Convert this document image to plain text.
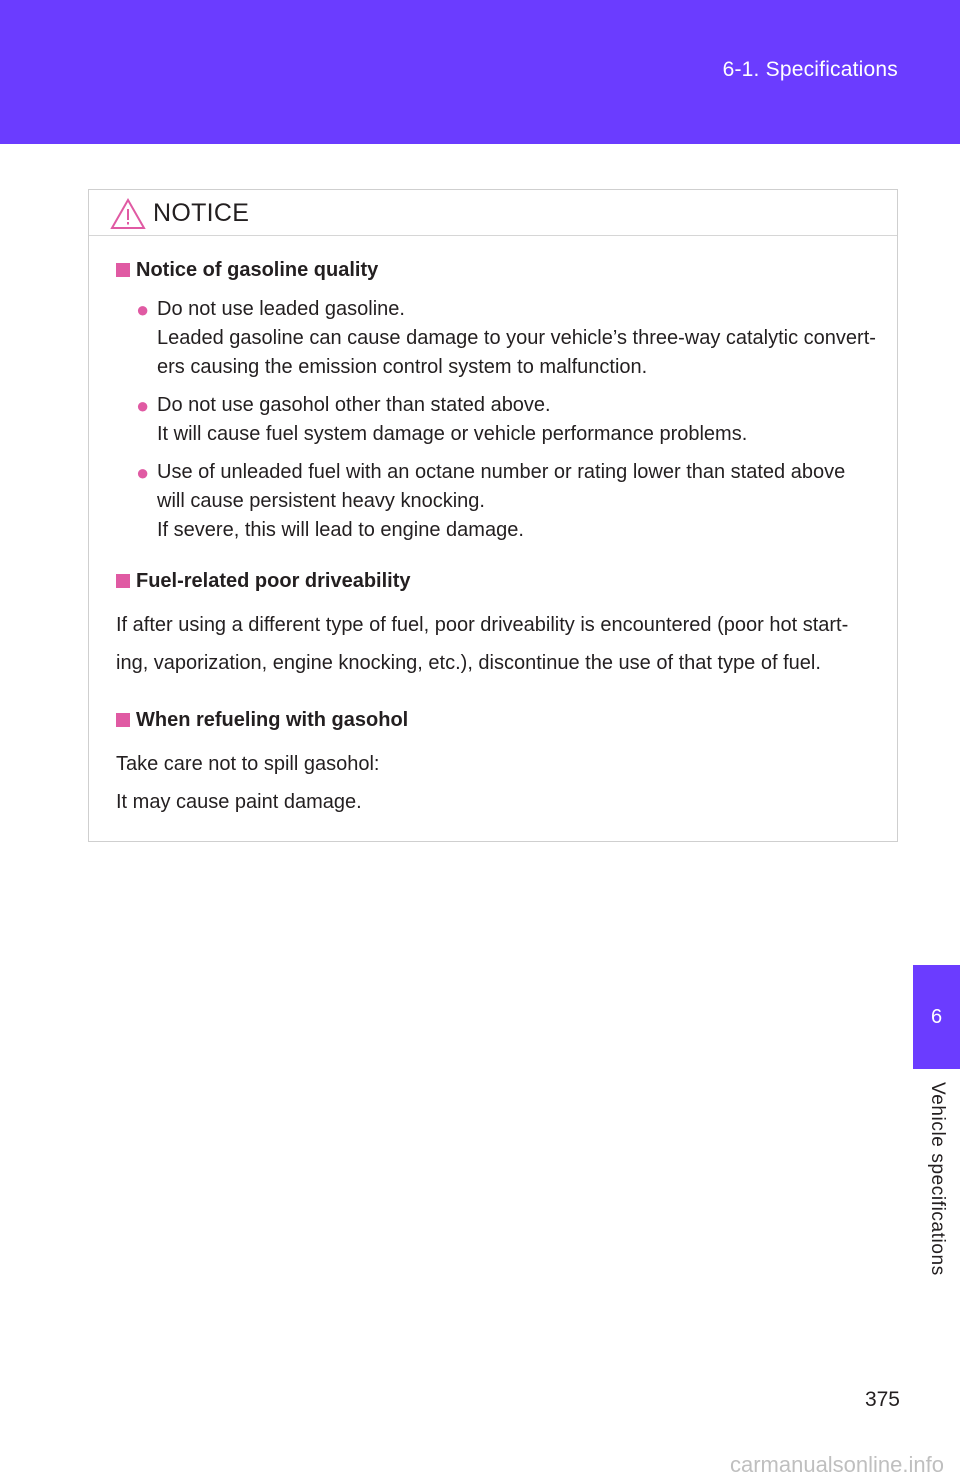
6-1. Specifications
NOTICE
Notice of gasoline quality
● Do not use leaded gasoline.
Leaded gasoline can cause damage to your vehicle’s three-way catalytic convert-
ers causing the emission control system to malfunction.
● Do not use gasohol other than stated above.
It will cause fuel system damage or vehicle performance problems.
● Use of unleaded fuel with an octane number or rating lower than stated above
will cause persistent heavy knocking.
If severe, this will lead to engine damage.
Fuel-related poor driveability
If after using a different type of fuel, poor driveability is encountered (poor hot start-
ing, vaporization, engine knocking, etc.), discontinue the use of that type of fuel.
When refueling with gasohol
Take care not to spill gasohol:
It may cause paint damage.
6
Vehicle specifications
375
carmanualsonline.info
